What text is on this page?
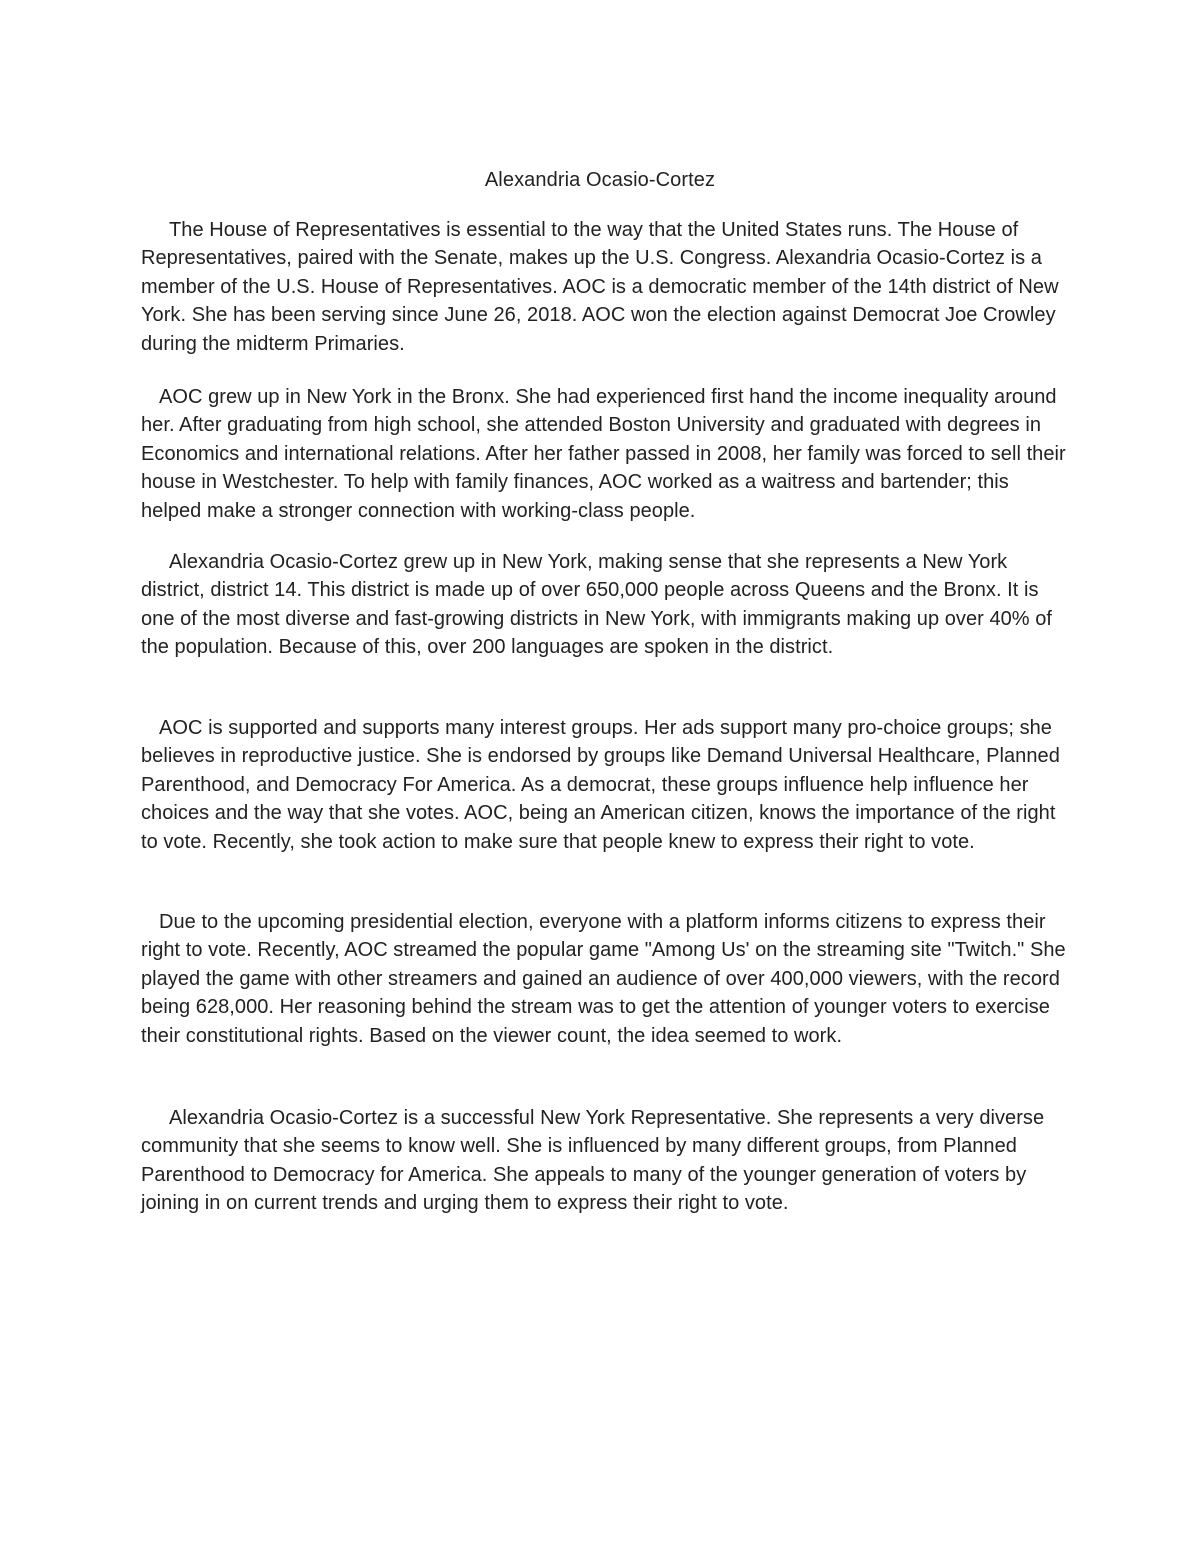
Alexandria Ocasio-Cortez

The House of Representatives is essential to the way that the United States runs. The House of Representatives, paired with the Senate, makes up the U.S. Congress. Alexandria Ocasio-Cortez is a member of the U.S. House of Representatives. AOC is a democratic member of the 14th district of New York. She has been serving since June 26, 2018. AOC won the election against Democrat Joe Crowley during the midterm Primaries.

AOC grew up in New York in the Bronx. She had experienced first hand the income inequality around her. After graduating from high school, she attended Boston University and graduated with degrees in Economics and international relations. After her father passed in 2008, her family was forced to sell their house in Westchester. To help with family finances, AOC worked as a waitress and bartender; this helped make a stronger connection with working-class people.

Alexandria Ocasio-Cortez grew up in New York, making sense that she represents a New York district, district 14. This district is made up of over 650,000 people across Queens and the Bronx. It is one of the most diverse and fast-growing districts in New York, with immigrants making up over 40% of the population. Because of this, over 200 languages are spoken in the district.

AOC is supported and supports many interest groups. Her ads support many pro-choice groups; she believes in reproductive justice. She is endorsed by groups like Demand Universal Healthcare, Planned Parenthood, and Democracy For America. As a democrat, these groups influence help influence her choices and the way that she votes. AOC, being an American citizen, knows the importance of the right to vote. Recently, she took action to make sure that people knew to express their right to vote.

Due to the upcoming presidential election, everyone with a platform informs citizens to express their right to vote. Recently, AOC streamed the popular game "Among Us' on the streaming site "Twitch." She played the game with other streamers and gained an audience of over 400,000 viewers, with the record being 628,000. Her reasoning behind the stream was to get the attention of younger voters to exercise their constitutional rights. Based on the viewer count, the idea seemed to work.

Alexandria Ocasio-Cortez is a successful New York Representative. She represents a very diverse community that she seems to know well. She is influenced by many different groups, from Planned Parenthood to Democracy for America. She appeals to many of the younger generation of voters by joining in on current trends and urging them to express their right to vote.
